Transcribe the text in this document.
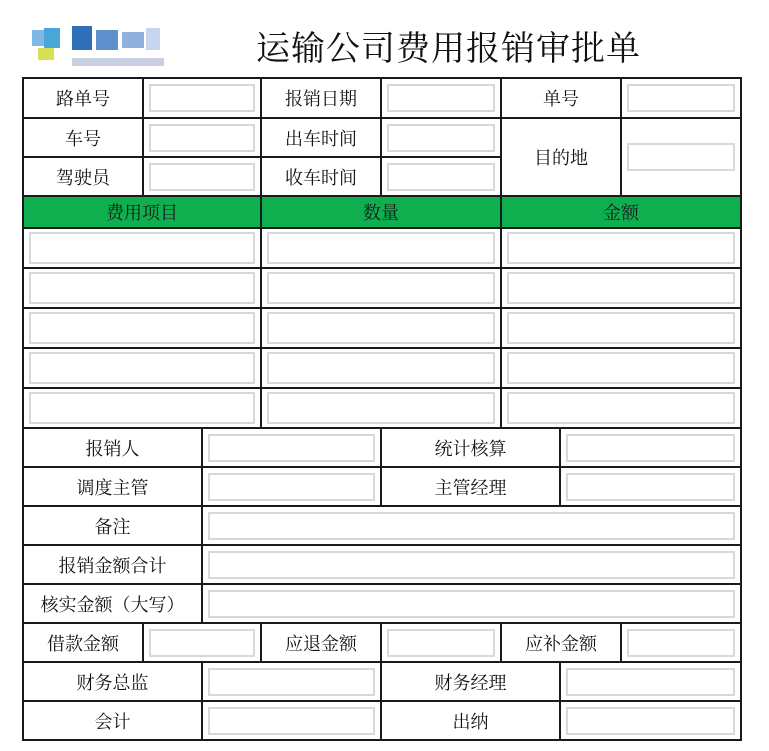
运输公司费用报销审批单
路单号			报销日期		单号		

车号			出车时间		目的地		

驾驶员			收车时间				

费用项目			数量		金额		

报销人				统计核算			

调度主管				主管经理			

备注							

报销金额合计							

核实金额（大写）							

借款金额			应退金额		应补金额		

财务总监				财务经理			

会计				出纳			
